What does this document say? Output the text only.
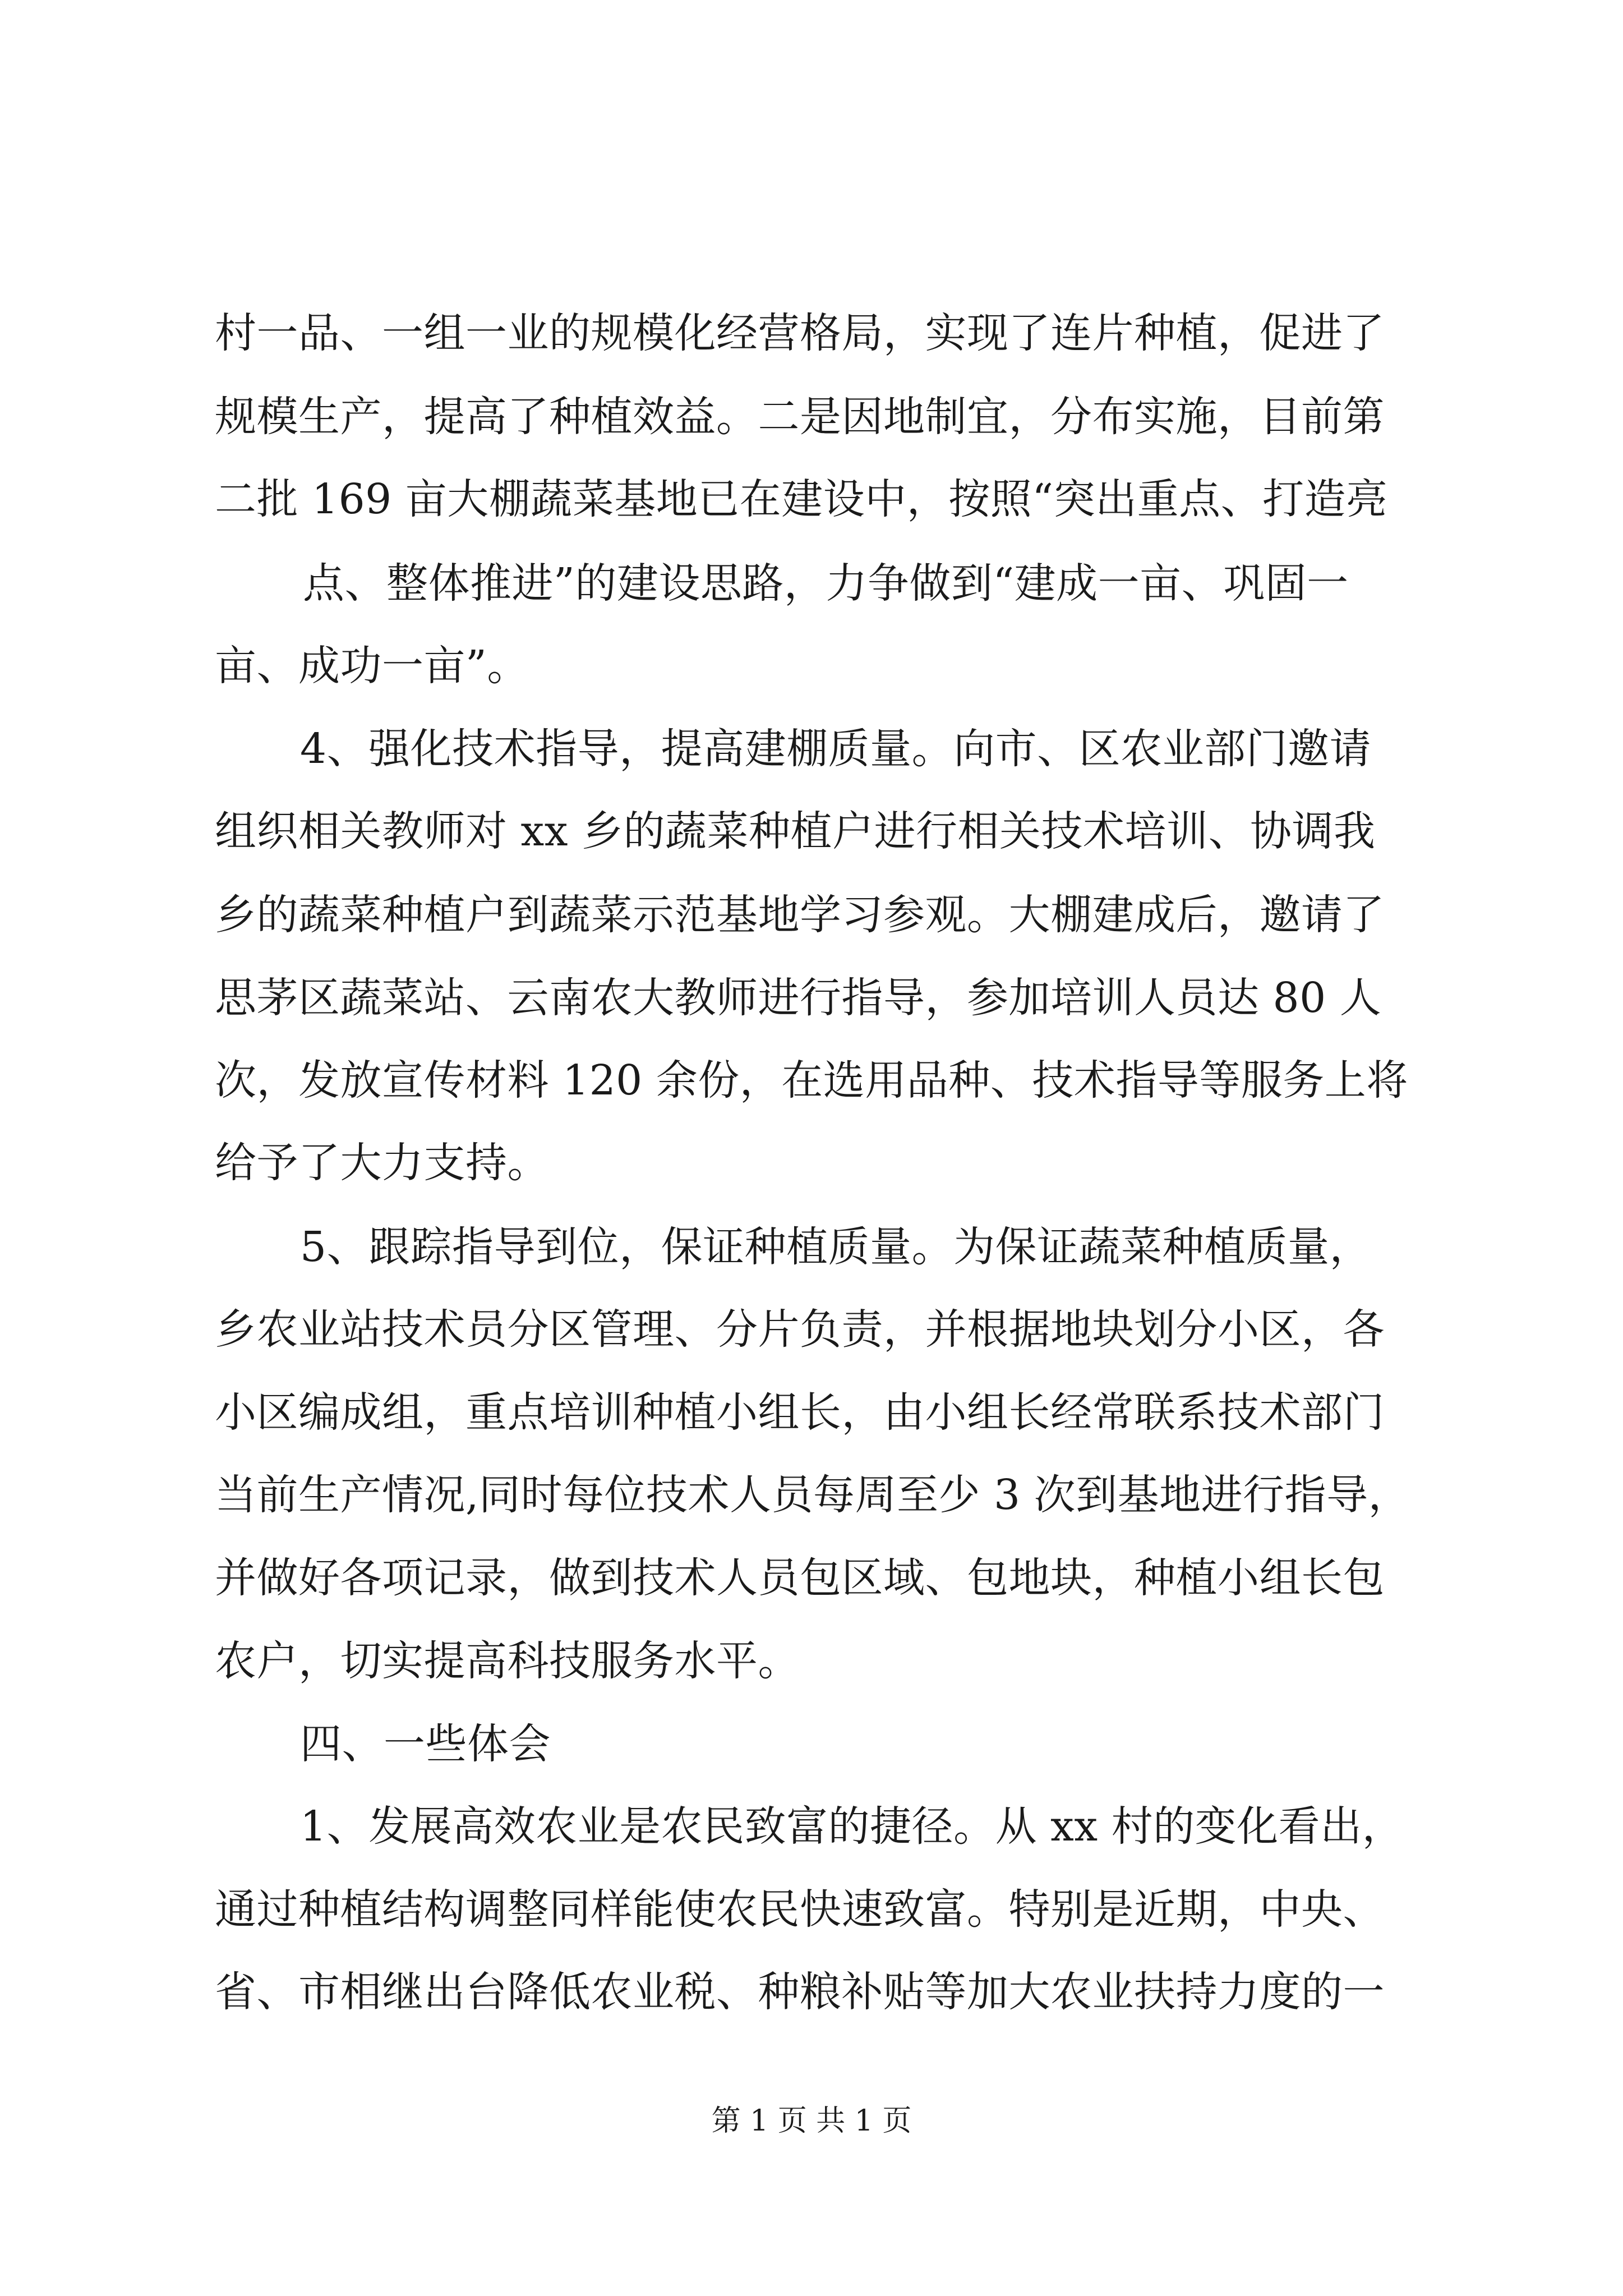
村一品、一组一业的规模化经营格局，实现了连片种植，促进了
规模生产，提高了种植效益。二是因地制宜，分布实施，目前第
二批 169 亩大棚蔬菜基地已在建设中，按照“突出重点、打造亮
点、整体推进”的建设思路，力争做到“建成一亩、巩固一
亩、成功一亩”。
4、强化技术指导，提高建棚质量。向市、区农业部门邀请
组织相关教师对 xx 乡的蔬菜种植户进行相关技术培训、协调我
乡的蔬菜种植户到蔬菜示范基地学习参观。大棚建成后，邀请了
思茅区蔬菜站、云南农大教师进行指导，参加培训人员达 80 人
次，发放宣传材料 120 余份，在选用品种、技术指导等服务上将
给予了大力支持。
5、跟踪指导到位，保证种植质量。为保证蔬菜种植质量，
乡农业站技术员分区管理、分片负责，并根据地块划分小区，各
小区编成组，重点培训种植小组长，由小组长经常联系技术部门
当前生产情况,同时每位技术人员每周至少 3 次到基地进行指导，
并做好各项记录，做到技术人员包区域、包地块，种植小组长包
农户，切实提高科技服务水平。
四、一些体会
1、发展高效农业是农民致富的捷径。从 xx 村的变化看出，
通过种植结构调整同样能使农民快速致富。特别是近期，中央、
省、市相继出台降低农业税、种粮补贴等加大农业扶持力度的一
第 1 页 共 1 页
